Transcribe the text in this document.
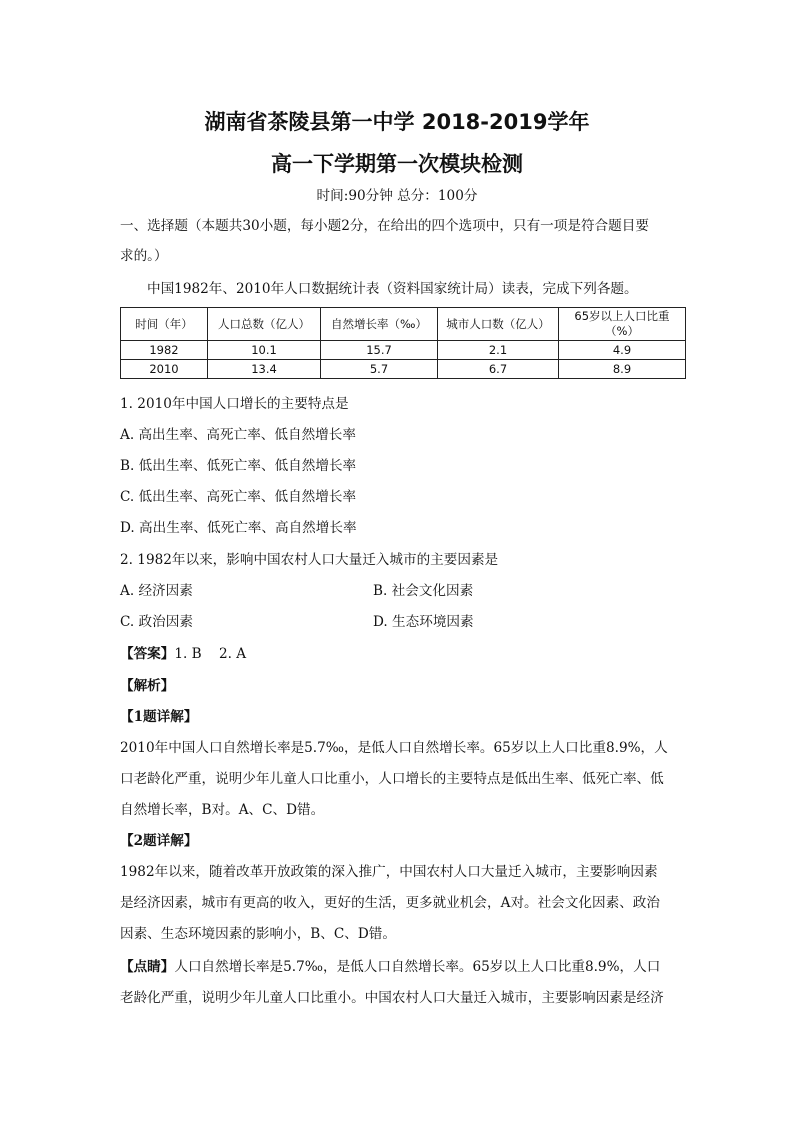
湖南省茶陵县第一中学 2018-2019学年
高一下学期第一次模块检测
时间:90分钟 总分：100分
一、选择题（本题共30小题，每小题2分，在给出的四个选项中，只有一项是符合题目要
求的。）
中国1982年、2010年人口数据统计表（资料国家统计局）读表，完成下列各题。
时间（年）	人口总数（亿人）	自然增长率（‰）	城市人口数（亿人）	65岁以上人口比重（%）
1982	10.1	15.7	2.1	4.9
2010	13.4	5.7	6.7	8.9
1. 2010年中国人口增长的主要特点是
A. 高出生率、高死亡率、低自然增长率
B. 低出生率、低死亡率、低自然增长率
C. 低出生率、高死亡率、低自然增长率
D. 高出生率、低死亡率、高自然增长率
2. 1982年以来，影响中国农村人口大量迁入城市的主要因素是
A. 经济因素	B. 社会文化因素
C. 政治因素	D. 生态环境因素
【答案】1. B    2. A
【解析】
【1题详解】
2010年中国人口自然增长率是5.7‰，是低人口自然增长率。65岁以上人口比重8.9%，人
口老龄化严重，说明少年儿童人口比重小，人口增长的主要特点是低出生率、低死亡率、低
自然增长率，B对。A、C、D错。
【2题详解】
1982年以来，随着改革开放政策的深入推广，中国农村人口大量迁入城市，主要影响因素
是经济因素，城市有更高的收入，更好的生活，更多就业机会，A对。社会文化因素、政治
因素、生态环境因素的影响小，B、C、D错。
【点睛】人口自然增长率是5.7‰，是低人口自然增长率。65岁以上人口比重8.9%，人口
老龄化严重，说明少年儿童人口比重小。中国农村人口大量迁入城市，主要影响因素是经济
